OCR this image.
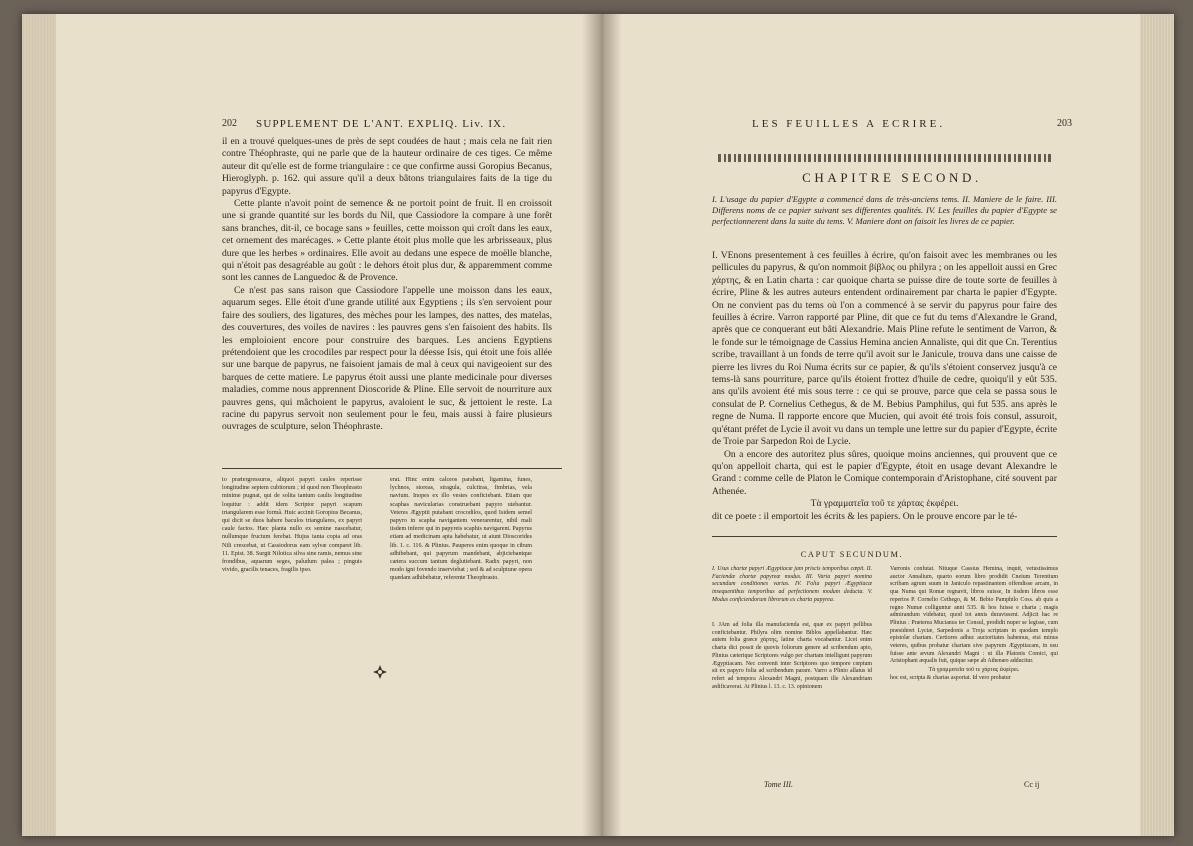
202 SUPPLEMENT DE L'ANT. EXPLIQ. Liv. IX.

il en a trouvé quelques-unes de près de sept coudées de haut ; mais cela ne fait rien contre Théophraste, qui ne parle que de la hauteur ordinaire de ces tiges. Ce même auteur dit qu'elle est de forme triangulaire : ce que confirme aussi Goropius Becanus, Hieroglyph. p. 162. qui assure qu'il a deux bâtons triangulaires faits de la tige du papyrus d'Egypte.

Cette plante n'avoit point de semence & ne portoit point de fruit. Il en croissoit une si grande quantité sur les bords du Nil, que Cassiodore la compare à une forêt sans branches, dit-il, ce bocage sans » feuilles, cette moisson qui croît dans les eaux, cet ornement des marécages. » Cette plante étoit plus molle que les arbrisseaux, plus dure que les herbes » ordinaires. Elle avoit au dedans une espece de moëlle blanche, qui n'étoit pas desagréable au goût : le dehors étoit plus dur, & apparemment comme sont les cannes de Languedoc & de Provence.

Ce n'est pas sans raison que Cassiodore l'appelle une moisson dans les eaux, aquarum seges. Elle étoit d'une grande utilité aux Egyptiens ; ils s'en servoient pour faire des souliers, des ligatures, des mèches pour les lampes, des nattes, des matelas, des couvertures, des voiles de navires : les pauvres gens s'en faisoient des habits. Ils les emploioient encore pour construire des barques. Les anciens Egyptiens prétendoient que les crocodiles par respect pour la déesse Isis, qui étoit une fois allée sur une barque de papyrus, ne faisoient jamais de mal à ceux qui navigeoient sur des barques de cette matiere. Le papyrus étoit aussi une plante medicinale pour diverses maladies, comme nous apprennent Dioscoride & Pline. Elle servoit de nourriture aux pauvres gens, qui mâchoient le papyrus, avaloient le suc, & jettoient le reste. La racine du papyrus servoit non seulement pour le feu, mais aussi à faire plusieurs ouvrages de sculpture, selon Théophraste.

to prætergressuros, aliquot papyri caules reperisse longitudine septem cubitorum ; id quod non Theophrasto minime pugnat, qui de solita tantum caulis longitudine loquitur : addit idem Scriptor papyri scapum triangularem esse formâ. Huic accinit Goropius Becanus, qui dicit se duos habere baculos triangulares, ex papyri caule factos. Hæc planta nullo ex semine nascebatur, nullumque fructum ferebat. Hujus tanta copia ad oras Nili crescebat, ut Cassiodorus eam sylvæ comparet lib. 11. Epist. 38. Surgit Nilotica silva sine ramis, nemus sine frondibus, aquarum seges, paludum palea ; pinguis vivido, gracilis tenaces, fragilis ipso.
erat. Hinc enim calceos parabant, ligamina, funes, lychnos, storeas, stragula, culcitras, fimbrias, vela navium. Inopes ex illo vestes conficiebant. Etiam que scaphas navicularias construebant papyro utebantur. Veteres Ægyptii putabant crocodilos, quod Isidem semel papyro in scapha navigantem venerarentur, nihil mali iisdem inferre qui in papyreis scaphis navigarent. Papyrus etiam ad medicinam apta habebatur, ut aiunt Dioscorides lib. 1. c. 116. & Plinius. Pauperes enim quoque in cibum adhibebant, qui papyrum mandebant, abjiciebantque cætera succum tantum deglutiebant. Radix papyri, non modo igni fovendo inserviebat ; sed & ad sculpturæ opera quædam adhibebatur, referente Theophrasto.
LES FEUILLES A ECRIRE.	203
CHAPITRE SECOND.
I. L'usage du papier d'Egypte a commencé dans de très-anciens tems. II. Maniere de le faire. III. Differens noms de ce papier suivant ses differentes qualités. IV. Les feuilles du papier d'Egypte se perfectionnerent dans la suite du tems. V. Maniere dont on faisoit les livres de ce papier.

I. VEnons presentement à ces feuilles à écrire, qu'on faisoit avec les membranes ou les pellicules du papyrus, & qu'on nommoit βίβλος ou philyra ; on les appelloit aussi en Grec χάρτης, & en Latin charta : car quoique charta se puisse dire de toute sorte de feuilles à écrire, Pline & les autres auteurs entendent ordinairement par charta le papier d'Egypte. On ne convient pas du tems où l'on a commencé à se servir du papyrus pour faire des feuilles à écrire. Varron rapporté par Pline, dit que ce fut du tems d'Alexandre le Grand, après que ce conquerant eut bâti Alexandrie. Mais Pline refute le sentiment de Varron, & le fonde sur le témoignage de Cassius Hemina ancien Annaliste, qui dit que Cn. Terentius scribe, travaillant à un fonds de terre qu'il avoit sur le Janicule, trouva dans une caisse de pierre les livres du Roi Numa écrits sur ce papier, & qu'ils s'étoient conservez jusqu'à ce tems-là sans pourriture, parce qu'ils étoient frottez d'huile de cedre, quoiqu'il y eût 535. ans qu'ils avoient été mis sous terre : ce qui se prouve, parce que cela se passa sous le consulat de P. Cornelius Cethegus, & de M. Bebius Pamphilus, qui fut 535. ans après le regne de Numa. Il rapporte encore que Mucien, qui avoit été trois fois consul, assuroit, qu'étant préfet de Lycie il avoit vu dans un temple une lettre sur du papier d'Egypte, écrite de Troie par Sarpedon Roi de Lycie.

On a encore des autoritez plus sûres, quoique moins anciennes, qui prouvent que ce qu'on appelloit charta, qui est le papier d'Egypte, étoit en usage devant Alexandre le Grand : comme celle de Platon le Comique contemporain d'Aristophane, cité souvent par Athenée.

Τὰ γραμματεῖα τοῦ τε χάρτας ἐκφέρει.

dit ce poete : il emportoit les écrits & les papiers. On le prouve encore par le té-

CAPUT SECUNDUM.
I. Usus chartæ papyri Ægyptiacæ jam priscis temporibus cœpit. II. Faciendæ chartæ papyreæ modus. III. Varia papyri nomina secundum conditiones varias. IV. Folia papyri Ægyptiacæ insequentibus temporibus ad perfectionem modum deducta. V. Modus conficiendorum librorum ex charta papyrea.
I. JAm ad folia illa manufacienda est, quæ ex papyri pellibus conficiebantur. Philyra olim nomine Biblos appellabantur. Hæc autem folia græce χάρτης, latine charta vocabantur. Licet enim charta dici possit de quovis foliorum genere ad scribendum apto, Plinius cæterique Scriptores vulgo per chartam intelligunt papyrum Ægyptiacam. Nec convenit inter Scriptores quo tempore cœptum sit ex papyro folia ad scribendum parare. Varro a Plinio allatus id refert ad tempora Alexandri Magni, postquam ille Alexandriam ædificaverat. At Plinius l. 13. c. 13. opinionem
Varronis confutat. Nituque Cassius Hemina, inquit, vetustissimus auctor Annalium, quarto eorum libro prodidit Cneium Terentium scribam agrum suum in Janiculo repastinantem offendisse arcam, in qua Numa qui Romæ regnavit, libros suisse, In iisdem libros esse repertos P. Cornelio Cethego, & M. Bebio Pamphilo Coss. ab quis a regno Numæ colliguntur anni 535. & hos fuisse e charta ; magis admirandum videbatur, quod tot annis duravissent. Adjicit hac re Plinius : Præterea Mucianus ter Consul, prodidit nuper se legisse, cum præsideret Lyciæ, Sarpedonis a Troja scriptam in quodam templo epistolæ chartam. Certiores adhuc auctoritates habemus, etsi minus veteres, quibus probatur chartam sive papyrum Ægyptiacam, in usu fuisse ante ævum Alexandri Magni : ut illa Platonis Comici, qui Aristophani æqualis fuit, quique sæpe ab Athenæo adducitur.
Τὰ γραμματεῖα τοῦ τε χάρτας ἐκφέρει.
hoc est, scripta & chartas asportat. Id vero probatur
Tome III.	Cc ij
